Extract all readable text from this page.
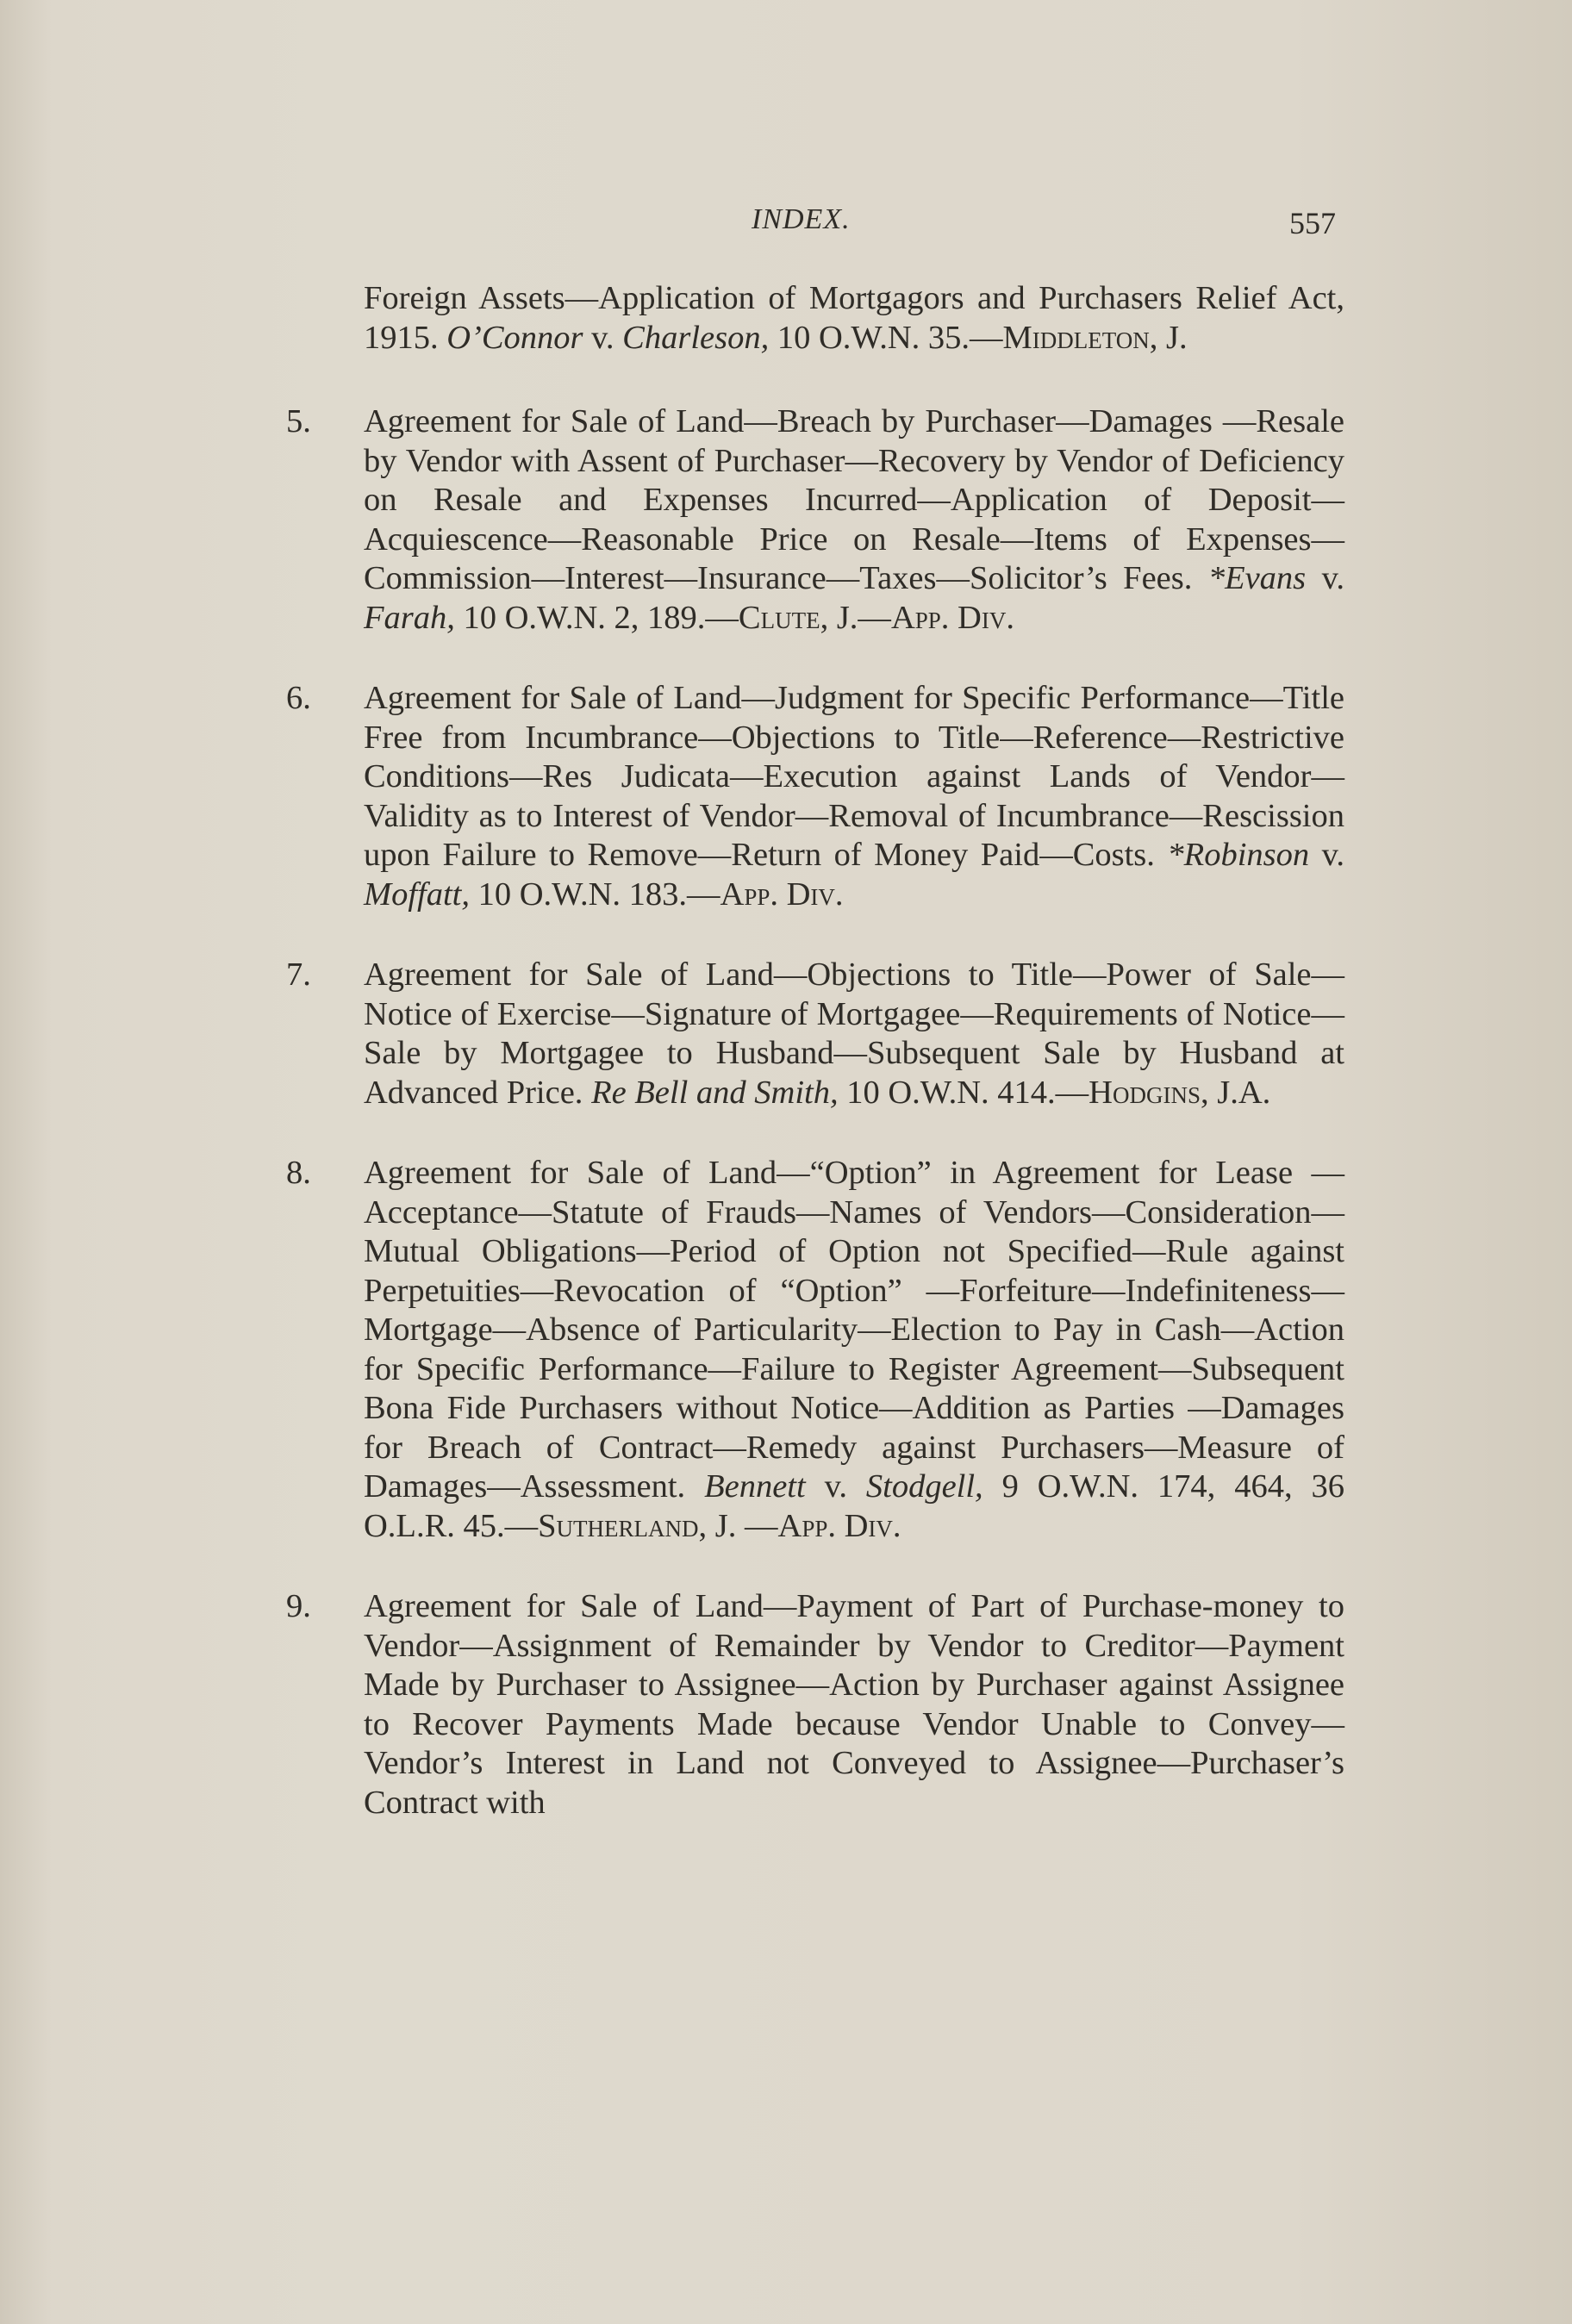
INDEX.	557
Foreign Assets—Application of Mortgagors and Purchasers Relief Act, 1915. O’Connor v. Charleson, 10 O.W.N. 35.—Middleton, J.
5. Agreement for Sale of Land—Breach by Purchaser—Damages —Resale by Vendor with Assent of Purchaser—Recovery by Vendor of Deficiency on Resale and Expenses Incurred—Application of Deposit—Acquiescence—Reasonable Price on Resale—Items of Expenses—Commission—Interest—Insurance—Taxes—Solicitor’s Fees. *Evans v. Farah, 10 O.W.N. 2, 189.—Clute, J.—App. Div.
6. Agreement for Sale of Land—Judgment for Specific Performance—Title Free from Incumbrance—Objections to Title—Reference—Restrictive Conditions—Res Judicata—Execution against Lands of Vendor—Validity as to Interest of Vendor—Removal of Incumbrance—Rescission upon Failure to Remove—Return of Money Paid—Costs. *Robinson v. Moffatt, 10 O.W.N. 183.—App. Div.
7. Agreement for Sale of Land—Objections to Title—Power of Sale—Notice of Exercise—Signature of Mortgagee—Requirements of Notice—Sale by Mortgagee to Husband—Subsequent Sale by Husband at Advanced Price. Re Bell and Smith, 10 O.W.N. 414.—Hodgins, J.A.
8. Agreement for Sale of Land—“Option” in Agreement for Lease —Acceptance—Statute of Frauds—Names of Vendors—Consideration—Mutual Obligations—Period of Option not Specified—Rule against Perpetuities—Revocation of “Option” —Forfeiture—Indefiniteness—Mortgage—Absence of Particularity—Election to Pay in Cash—Action for Specific Performance—Failure to Register Agreement—Subsequent Bona Fide Purchasers without Notice—Addition as Parties —Damages for Breach of Contract—Remedy against Purchasers—Measure of Damages—Assessment. Bennett v. Stodgell, 9 O.W.N. 174, 464, 36 O.L.R. 45.—Sutherland, J. —App. Div.
9. Agreement for Sale of Land—Payment of Part of Purchase-money to Vendor—Assignment of Remainder by Vendor to Creditor—Payment Made by Purchaser to Assignee—Action by Purchaser against Assignee to Recover Payments Made because Vendor Unable to Convey—Vendor’s Interest in Land not Conveyed to Assignee—Purchaser’s Contract with
